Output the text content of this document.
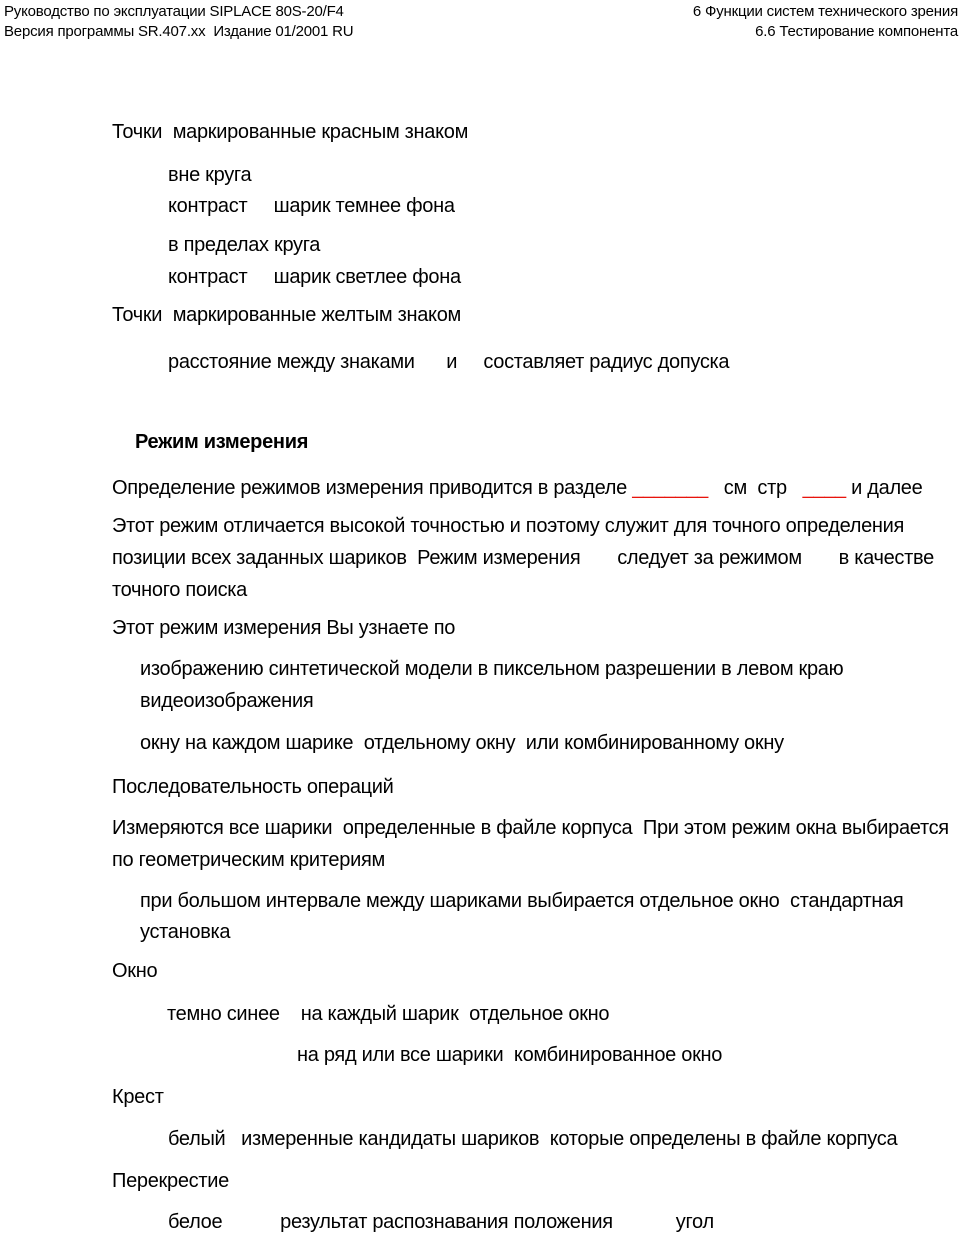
Руководство по эксплуатации SIPLACE 80S-20/F4
Версия программы SR.407.xx  Издание 01/2001 RU
6 Функции систем технического зрения
6.6 Тестирование компонента
Точки  маркированные красным знаком
вне круга
контраст     шарик темнее фона
в пределах круга
контраст     шарик светлее фона
Точки  маркированные желтым знаком
расстояние между знаками      и     составляет радиус допуска
Режим измерения
Определение режимов измерения приводится в разделе _______   см  стр   ____ и далее
Этот режим отличается высокой точностью и поэтому служит для точного определения
позиции всех заданных шариков  Режим измерения       следует за режимом       в качестве
точного поиска
Этот режим измерения Вы узнаете по
изображению синтетической модели в пиксельном разрешении в левом краю
видеоизображения
окну на каждом шарике  отдельному окну  или комбинированному окну
Последовательность операций
Измеряются все шарики  определенные в файле корпуса  При этом режим окна выбирается
по геометрическим критериям
при большом интервале между шариками выбирается отдельное окно  стандартная
установка
Окно
темно синее    на каждый шарик  отдельное окно
на ряд или все шарики  комбинированное окно
Крест
белый   измеренные кандидаты шариков  которые определены в файле корпуса
Перекрестие
белое           результат распознавания положения            угол
